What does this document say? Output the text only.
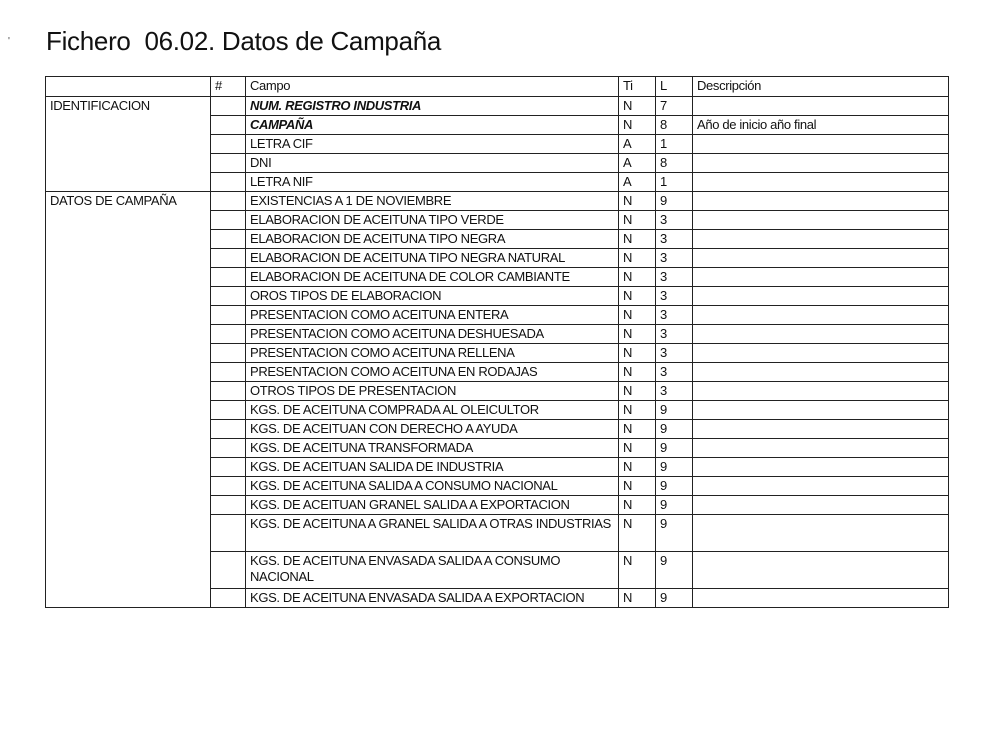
' Fichero  06.02. Datos de Campaña
	#	Campo	Ti	L	Descripción
IDENTIFICACION		NUM. REGISTRO INDUSTRIA	N	7	
		CAMPAÑA	N	8	Año de inicio año final
		LETRA CIF	A	1	
		DNI	A	8	
		LETRA NIF	A	1	
DATOS DE CAMPAÑA		EXISTENCIAS A 1 DE NOVIEMBRE	N	9	
		ELABORACION DE ACEITUNA TIPO VERDE	N	3	
		ELABORACION DE ACEITUNA TIPO NEGRA	N	3	
		ELABORACION DE ACEITUNA TIPO NEGRA NATURAL	N	3	
		ELABORACION DE ACEITUNA DE COLOR CAMBIANTE	N	3	
		OROS TIPOS DE ELABORACION	N	3	
		PRESENTACION COMO ACEITUNA ENTERA	N	3	
		PRESENTACION COMO ACEITUNA DESHUESADA	N	3	
		PRESENTACION COMO ACEITUNA RELLENA	N	3	
		PRESENTACION COMO ACEITUNA EN RODAJAS	N	3	
		OTROS TIPOS DE PRESENTACION	N	3	
		KGS. DE ACEITUNA COMPRADA AL OLEICULTOR	N	9	
		KGS. DE ACEITUAN CON DERECHO A AYUDA	N	9	
		KGS. DE ACEITUNA TRANSFORMADA	N	9	
		KGS. DE ACEITUAN SALIDA DE INDUSTRIA	N	9	
		KGS. DE ACEITUNA SALIDA A CONSUMO NACIONAL	N	9	
		KGS. DE ACEITUAN GRANEL SALIDA A EXPORTACION	N	9	
		KGS. DE ACEITUNA A GRANEL SALIDA A OTRAS INDUSTRIAS	N	9	
		KGS. DE ACEITUNA ENVASADA SALIDA A CONSUMO NACIONAL	N	9	
		KGS. DE ACEITUNA ENVASADA SALIDA A EXPORTACION	N	9	
